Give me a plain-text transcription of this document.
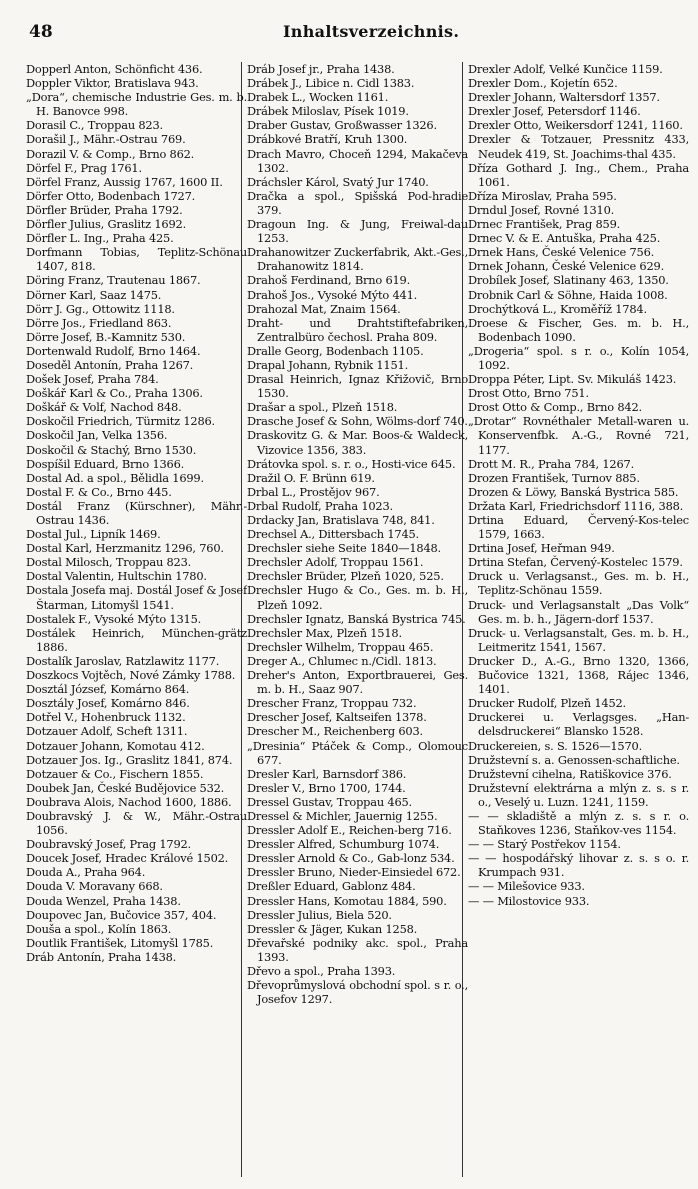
48	Inhaltsverzeichnis.
Dopperl Anton, Schönficht 436.
Doppler Viktor, Bratislava 943.
„Dora“, chemische Industrie Ges. m. b. H. Banovce 998.
Dorasil C., Troppau 823.
Dorašil J., Mähr.-Ostrau 769.
Dorazil V. & Comp., Brno 862.
Dörfel F., Prag 1761.
Dörfel Franz, Aussig 1767, 1600 II.
Dörfer Otto, Bodenbach 1727.
Dörfler Brüder, Praha 1792.
Dörfler Julius, Graslitz 1692.
Dörfler L. Ing., Praha 425.
Dorfmann Tobias, Teplitz-Schönau 1407, 818.
Döring Franz, Trautenau 1867.
Dörner Karl, Saaz 1475.
Dörr J. Gg., Ottowitz 1118.
Dörre Jos., Friedland 863.
Dörre Josef, B.-Kamnitz 530.
Dortenwald Rudolf, Brno 1464.
Doseděl Antonín, Praha 1267.
Došek Josef, Praha 784.
Doškář Karl & Co., Praha 1306.
Doškář & Volf, Nachod 848.
Doskočil Friedrich, Türmitz 1286.
Doskočil Jan, Velka 1356.
Doskočil & Stachý, Brno 1530.
Dospíšil Eduard, Brno 1366.
Dostal Ad. a spol., Bělidla 1699.
Dostal F. & Co., Brno 445.
Dostál Franz (Kürschner), Mähr.-Ostrau 1436.
Dostal Jul., Lipník 1469.
Dostal Karl, Herzmanitz 1296, 760.
Dostal Milosch, Troppau 823.
Dostal Valentin, Hultschin 1780.
Dostala Josefa maj. Dostál Josef & Josef Štarman, Litomyšl 1541.
Dostalek F., Vysoké Mýto 1315.
Dostálek Heinrich, München-grätz 1886.
Dostalík Jaroslav, Ratzlawitz 1177.
Doszkocs Vojtěch, Nové Zámky 1788.
Dosztál József, Komárno 864.
Dosztály Josef, Komárno 846.
Dotřel V., Hohenbruck 1132.
Dotzauer Adolf, Scheft 1311.
Dotzauer Johann, Komotau 412.
Dotzauer Jos. Ig., Graslitz 1841, 874.
Dotzauer & Co., Fischern 1855.
Doubek Jan, České Budějovice 532.
Doubrava Alois, Nachod 1600, 1886.
Doubravský J. & W., Mähr.-Ostrau 1056.
Doubravský Josef, Prag 1792.
Doucek Josef, Hradec Králové 1502.
Douda A., Praha 964.
Douda V. Moravany 668.
Douda Wenzel, Praha 1438.
Doupovec Jan, Bučovice 357, 404.
Douša a spol., Kolín 1863.
Doutlik František, Litomyšl 1785.
Dráb Antonín, Praha 1438.
Dráb Josef jr., Praha 1438.
Drábek J., Libice n. Cidl 1383.
Drabek L., Wocken 1161.
Drábek Miloslav, Písek 1019.
Draber Gustav, Großwasser 1326.
Drábkové Bratří, Kruh 1300.
Drach Mavro, Choceň 1294, Makačeva 1302.
Dráchsler Károl, Svatý Jur 1740.
Dračka a spol., Spišská Pod-hradie 379.
Dragoun Ing. & Jung, Freiwal-dau 1253.
Drahanowitzer Zuckerfabrik, Akt.-Ges., Drahanowitz 1814.
Drahoš Ferdinand, Brno 619.
Drahoš Jos., Vysoké Mýto 441.
Drahozal Mat, Znaim 1564.
Draht- und Drahtstiftefabriken, Zentralbüro čechosl. Praha 809.
Dralle Georg, Bodenbach 1105.
Drapal Johann, Rybnik 1151.
Drasal Heinrich, Ignaz Křižovič, Brno 1530.
Drašar a spol., Plzeň 1518.
Drasche Josef & Sohn, Wölms-dorf 740.
Draskovitz G. & Mar. Boos-& Waldeck, Vizovice 1356, 383.
Drátovka spol. s. r. o., Hosti-vice 645.
Dražil O. F. Brünn 619.
Drbal L., Prostějov 967.
Drbal Rudolf, Praha 1023.
Drdacky Jan, Bratislava 748, 841.
Drechsel A., Dittersbach 1745.
Drechsler siehe Seite 1840—1848.
Drechsler Adolf, Troppau 1561.
Drechsler Brüder, Plzeň 1020, 525.
Drechsler Hugo & Co., Ges. m. b. H., Plzeň 1092.
Drechsler Ignatz, Banská Bystrica 745.
Drechsler Max, Plzeň 1518.
Drechsler Wilhelm, Troppau 465.
Dreger A., Chlumec n./Cidl. 1813.
Dreher's Anton, Exportbrauerei, Ges. m. b. H., Saaz 907.
Drescher Franz, Troppau 732.
Drescher Josef, Kaltseifen 1378.
Drescher M., Reichenberg 603.
„Dresinia“ Ptáček & Comp., Olomouc 677.
Dresler Karl, Barnsdorf 386.
Dresler V., Brno 1700, 1744.
Dressel Gustav, Troppau 465.
Dressel & Michler, Jauernig 1255.
Dressler Adolf E., Reichen-berg 716.
Dressler Alfred, Schumburg 1074.
Dressler Arnold & Co., Gab-lonz 534.
Dressler Bruno, Nieder-Einsiedel 672.
Dreßler Eduard, Gablonz 484.
Dressler Hans, Komotau 1884, 590.
Dressler Julius, Biela 520.
Dressler & Jäger, Kukan 1258.
Dřevařské podniky akc. spol., Praha 1393.
Dřevo a spol., Praha 1393.
Dřevoprůmyslová obchodní spol. s r. o., Josefov 1297.
Drexler Adolf, Velké Kunčice 1159.
Drexler Dom., Kojetín 652.
Drexler Johann, Waltersdorf 1357.
Drexler Josef, Petersdorf 1146.
Drexler Otto, Weikersdorf 1241, 1160.
Drexler & Totzauer, Pressnitz 433, Neudek 419, St. Joachims-thal 435.
Dříza Gothard J. Ing., Chem., Praha 1061.
Dříza Miroslav, Praha 595.
Drndul Josef, Rovné 1310.
Drnec František, Prag 859.
Drnec V. & E. Antuška, Praha 425.
Drnek Hans, České Velenice 756.
Drnek Johann, České Velenice 629.
Drobílek Josef, Slatinany 463, 1350.
Drobnik Carl & Söhne, Haida 1008.
Drochýtková L., Kroměříž 1784.
Droese & Fischer, Ges. m. b. H., Bodenbach 1090.
„Drogeria“ spol. s r. o., Kolín 1054, 1092.
Droppa Péter, Lipt. Sv. Mikuláš 1423.
Drost Otto, Brno 751.
Drost Otto & Comp., Brno 842.
„Drotar“ Rovnéthaler Metall-waren u. Konservenfbk. A.-G., Rovné 721, 1177.
Drott M. R., Praha 784, 1267.
Drozen František, Turnov 885.
Drozen & Löwy, Banská Bystrica 585.
Držata Karl, Friedrichsdorf 1116, 388.
Drtina Eduard, Červený-Kos-telec 1579, 1663.
Drtina Josef, Heřman 949.
Drtina Stefan, Červený-Kostelec 1579.
Druck u. Verlagsanst., Ges. m. b. H., Teplitz-Schönau 1559.
Druck- und Verlagsanstalt „Das Volk“ Ges. m. b. h., Jägern-dorf 1537.
Druck- u. Verlagsanstalt, Ges. m. b. H., Leitmeritz 1541, 1567.
Drucker D., A.-G., Brno 1320, 1366, Bučovice 1321, 1368, Rájec 1346, 1401.
Drucker Rudolf, Plzeň 1452.
Druckerei u. Verlagsges. „Han-delsdruckerei“ Blansko 1528.
Druckereien, s. S. 1526—1570.
Družstevní s. a. Genossen-schaftliche.
Družstevní cihelna, Ratiškovice 376.
Družstevní elektrárna a mlýn z. s. s r. o., Veselý u. Luzn. 1241, 1159.
— — skladiště a mlýn z. s. s r. o. Staňkoves 1236, Staňkov-ves 1154.
— — Starý Postřekov 1154.
— — hospodářský lihovar z. s. s o. r. Krumpach 931.
— — Milešovice 933.
— — Milostovice 933.
